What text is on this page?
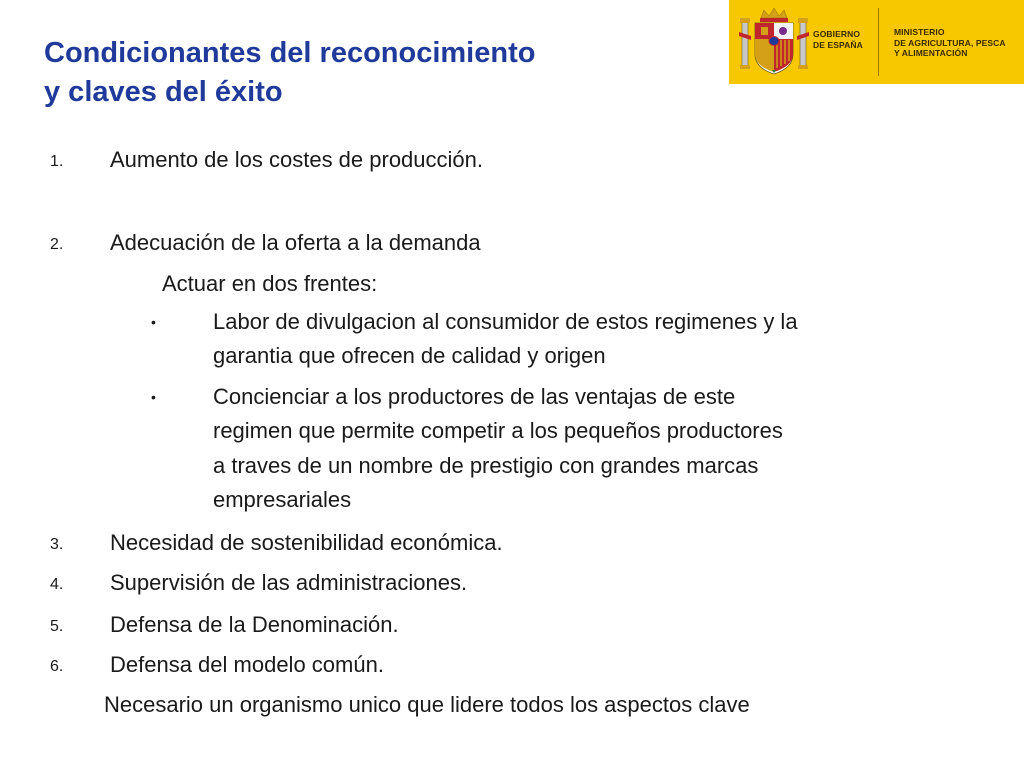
Condicionantes del reconocimiento
y claves del éxito
GOBIERNO
DE ESPAÑA
MINISTERIO
DE AGRICULTURA, PESCA
Y ALIMENTACIÓN
1. Aumento de los costes de producción.
2. Adecuación de la oferta a la demanda
Actuar en dos frentes:
•	Labor de divulgacion al consumidor de estos regimenes y la
garantia que ofrecen de calidad y origen
•	Concienciar a los productores de las ventajas de este
regimen que permite competir a los pequeños productores
a traves de un nombre de prestigio con grandes marcas
empresariales
3. Necesidad de sostenibilidad económica.
4. Supervisión de las administraciones.
5. Defensa de la Denominación.
6. Defensa del modelo común.
Necesario un organismo unico que lidere todos los aspectos clave
